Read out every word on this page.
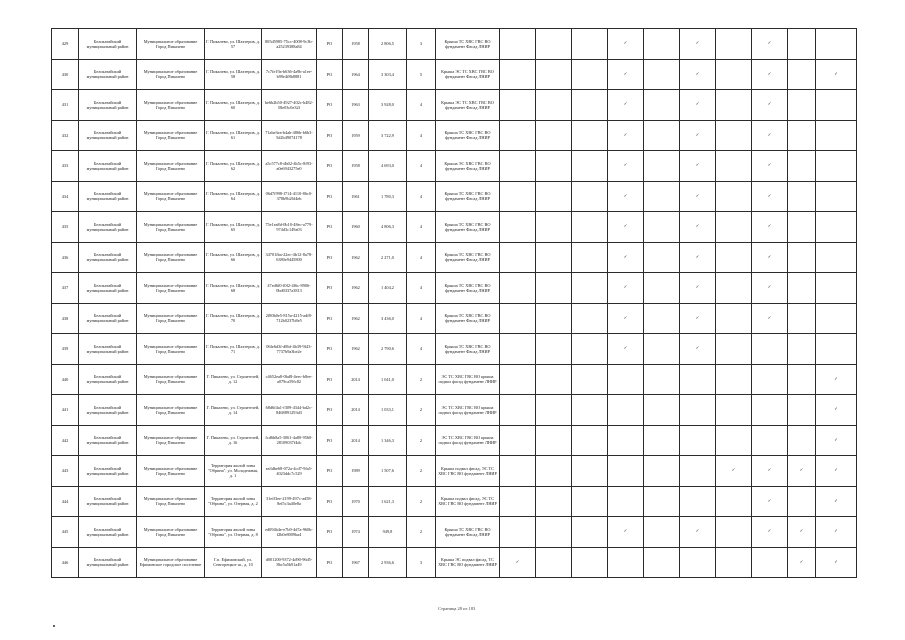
429	Белокатайский муниципальный район	Муниципальное образование Город Пикалево	Г. Пикалево, ул. Шахтеров, д. 57	805d5985-75cc-4008-9c3b-a25239388a84	РО	1958	2 806,5	3	Крыша ТС ХВС ГВС ВО фундамент Фасад ЛНИР				✓		✓		✓		
430	Белокатайский муниципальный район	Муниципальное образование Город Пикалево	Г. Пикалево, ул. Шахтеров, д. 58	7c7fe19a-b636-4a9b-a1ee-b99e4f8b8881	РО	1964	3 303,4	5	Крыша ЭС ТС ХВС ГВС ВО фундамент Фасад ЛНИР				✓		✓		✓		✓
431	Белокатайский муниципальный район	Муниципальное образование Город Пикалево	Г. Пикалево, ул. Шахтеров, д. 60	be6b2b50-4927-402c-b482-58e03c0e32f	РО	1963	3 928,0	4	Крыша ЭС ТС ХВС ГВС ВО фундамент Фасад ЛНИР				✓		✓		✓		
432	Белокатайский муниципальный район	Муниципальное образование Город Пикалево	Г. Пикалево, ул. Шахтеров, д. 61	71abe3ea-b4ab-486b-b6b3-5d2b49074178	РО	1959	3 722,9	4	Крыша ТС ХВС ГВС ВО фундамент Фасад ЛНИР				✓		✓		✓		
433	Белокатайский муниципальный район	Муниципальное образование Город Пикалево	Г. Пикалево, ул. Шахтеров, д. 62	a5c577c8-db02-4b5c-8f93-a0e6943275e0	РО	1958	4 693,0	4	Крыша ЭС ХВС ГВС ВО фундамент Фасад ЛНИР				✓		✓		✓		
434	Белокатайский муниципальный район	Муниципальное образование Город Пикалево	Г. Пикалево, ул. Шахтеров, д. 64	06d7f998-f714-4110-86c0-378b9b26f4eb	РО	1961	1 780,3	4	Крыша ТС ХВС ГВС ВО фундамент Фасад ЛНИР				✓		✓		✓		
435	Белокатайский муниципальный район	Муниципальное образование Город Пикалево	Г. Пикалево, ул. Шахтеров, д. 65	75e1ea8d-0b10-48ec-a779-974d3c149a03	РО	1960	4 806,3	4	Крыша ТС ХВС ГВС ВО фундамент Фасад ЛНИР				✓		✓		✓		
436	Белокатайский муниципальный район	Муниципальное образование Город Пикалево	Г. Пикалево, ул. Шахтеров, д. 66	34701fba-22ec-4b12-8a78-6380e9445800	РО	1962	2 271,0	4	Крыша ТС ХВС ГВС ВО фундамент Фасад ЛНИР				✓		✓		✓		
437	Белокатайский муниципальный район	Муниципальное образование Город Пикалево	Г. Пикалево, ул. Шахтеров, д. 68	47ed6f0-f0f2-4f6c-8906-0bd0337a3813	РО	1962	1 404,2	4	Крыша ТС ХВС ГВС ВО фундамент Фасад ЛНИР				✓		✓		✓		
438	Белокатайский муниципальный район	Муниципальное образование Город Пикалево	Г. Пикалево, ул. Шахтеров, д. 70	2f80b0e5-815a-4215-adf8-712b0237b8e5	РО	1962	3 436,0	4	Крыша ТС ХВС ГВС ВО фундамент Фасад ЛНИР				✓		✓		✓		
439	Белокатайский муниципальный район	Муниципальное образование Город Пикалево	Г. Пикалево, ул. Шахтеров, д. 71	06fe6d3f-d8bf-4b39-9f43-7737b9a3be2e	РО	1962	2 790,6	4	Крыша ТС ХВС ГВС ВО фундамент Фасад ЛНИР				✓		✓				
440	Белокатайский муниципальный район	Муниципальное образование Город Пикалево	Г. Пикалево, ул. Строителей, д. 12	c4652ea8-0bd8-4eec-b8ee-a079ca59fc82	РО	2014	1 041,0	2	ЭС ТС ХВС ГВС ВО крыша подвал фасад фундамент ЛНИР										✓
441	Белокатайский муниципальный район	Муниципальное образование Город Пикалево	Г. Пикалево, ул. Строителей, д. 14	68d6f4a1-f309-4344-bd2c-8468891293d3	РО	2014	1 033,1	2	ЭС ТС ХВС ГВС ВО крыша подвал фасад фундамент ЛНИР										✓
442	Белокатайский муниципальный район	Муниципальное образование Город Пикалево	Г. Пикалево, ул. Строителей, д. 16	fcd6b8a5-3061-4a80-9560-28109037f4dc	РО	2014	1 346,3	2	ЭС ТС ХВС ГВС ВО крыша подвал фасад фундамент ЛНИР										✓
443	Белокатайский муниципальный район	Муниципальное образование Город Пикалево	Территория жилой зоны "Обрина", ул. Молодежная, д. 1	ea3dbe68-072a-4cd7-9fa5-4023ddc7c529	РО	1989	1 507,6	2	Крыша подвал фасад, ЭС ТС ХВС ГВС ВО фундамент ЛНИР							✓	✓	✓	✓
444	Белокатайский муниципальный район	Муниципальное образование Город Пикалево	Территория жилой зоны "Обрина", ул. Озерная, д. 2	31eff3ee-2199-497c-ad58-8ef5c3a40e8a	РО	1970	1 621,3	2	Крыша подвал фасад, ЭС ТС ХВС ГВС ВО фундамент ЛНИР								✓		✓
445	Белокатайский муниципальный район	Муниципальное образование Город Пикалево	Территория жилой зоны "Обрина", ул. Озерная, д. 8	ed094b4e-e7b9-4d7a-960b-f2b0e8009ba4	РО	1974	949,8	2	Крыша ТС ХВС ГВС ВО фундамент Фасад ЛНИР				✓		✓		✓	✓	✓
446	Белокатайский муниципальный район	Муниципальное образование Ефимовское городское поселение	Г.п. Ефимовский, ул. Сенгорецкое ш., д. 10	d001200-9372-4d90-96d5-8bc5a5b91a49	РО	1967	2 936,6	3	Крыша ЭС подвал фасад, ТС ХВС ГВС ВО фундамент ЛНИР	✓								✓	✓
Страница 28 из 183
